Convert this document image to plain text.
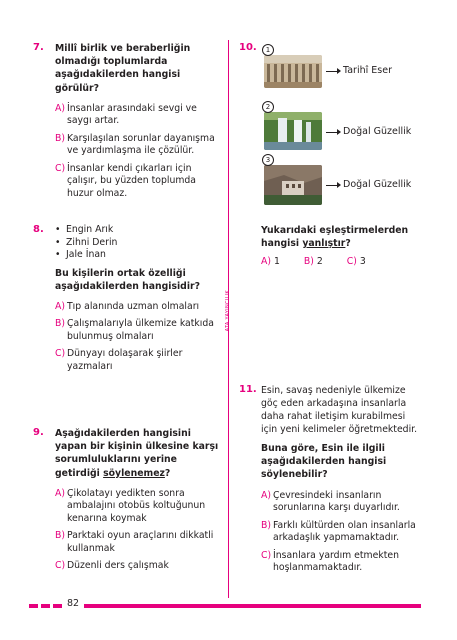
ATA YAYINCILIK
7. Millî birlik ve beraberliğin olmadığı toplumlarda aşağıdakilerden hangisi görülür?
A) İnsanlar arasındaki sevgi ve saygı artar.
B) Karşılaşılan sorunlar dayanışma ve yardımlaşma ile çözülür.
C) İnsanlar kendi çıkarları için çalışır, bu yüzden toplumda huzur olmaz.
8.
•	Engin Arık
• Zihni Derin
• Jale İnan
Bu kişilerin ortak özelliği aşağıdakilerden hangisidir?
A) Tıp alanında uzman olmaları
B) Çalışmalarıyla ülkemize katkıda bulunmuş olmaları
C) Dünyayı dolaşarak şiirler yazmaları
9. Aşağıdakilerden hangisini yapan bir kişinin ülkesine karşı sorumluluklarını yerine getirdiği söylenemez?
A) Çikolatayı yedikten sonra ambalajını otobüs koltuğunun kenarına koymak
B) Parktaki oyun araçlarını dikkatli kullanmak
C) Düzenli ders çalışmak
10.	1
Tarihî Eser
2
Doğal Güzellik
3
Doğal Güzellik
Yukarıdaki eşleştirmelerden hangisi yanlıştır?
A) 1	B) 2	C) 3
11. Esin, savaş nedeniyle ülkemize göç eden arkadaşına insanlarla daha rahat iletişim kurabilmesi için yeni kelimeler öğretmektedir.
Buna göre, Esin ile ilgili aşağıdakilerden hangisi söylenebilir?
A) Çevresindeki insanların sorunlarına karşı duyarlıdır.
B) Farklı kültürden olan insanlarla arkadaşlık yapmamaktadır.
C) İnsanlara yardım etmekten hoşlanmamaktadır.
82
